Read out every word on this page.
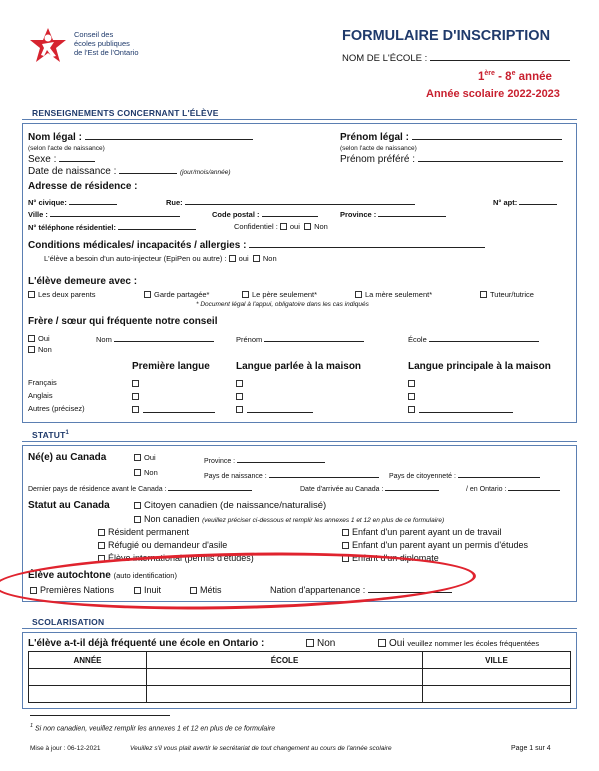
Conseil des
écoles publiques
de l'Est de l'Ontario
FORMULAIRE D'INSCRIPTION
NOM DE L'ÉCOLE :
1ère - 8e année
Année scolaire 2022-2023
RENSEIGNEMENTS CONCERNANT L'ÉLÈVE
Nom légal :
(selon l'acte de naissance)
Prénom légal :
(selon l'acte de naissance)
Sexe :	Prénom préféré :
Date de naissance :	(jour/mois/année)
Adresse de résidence :
N° civique:	Rue:	N° apt:
Ville :	Code postal :	Province :
N° téléphone résidentiel:	Confidentiel : oui Non
Conditions médicales/ incapacités / allergies :
L'élève a besoin d'un auto-injecteur (EpiPen ou autre) : oui Non
L'élève demeure avec :
Les deux parents	Garde partagée*	Le père seulement*	La mère seulement*	Tuteur/tutrice
* Document légal à l'appui, obligatoire dans les cas indiqués
Frère / sœur qui fréquente notre conseil
Oui
Non
Nom	Prénom	École
Première langue	Langue parlée à la maison	Langue principale à la maison
Français
Anglais
Autres (précisez)
STATUT$^1$
Né(e) au Canada	Oui	Province :
Non	Pays de naissance :	Pays de citoyenneté :
Dernier pays de résidence avant le Canada :	Date d'arrivée au Canada :	/ en Ontario :
Statut au Canada	Citoyen canadien (de naissance/naturalisé)
Non canadien (veuillez préciser ci-dessous et remplir les annexes 1 et 12 en plus de ce formulaire)
Résident permanent
Réfugié ou demandeur d'asile
Élève international (permis d'études)
Enfant d'un parent ayant un de travail
Enfant d'un parent ayant un permis d'études
Enfant d'un diplomate
Élève autochtone (auto identification)
Premières Nations	Inuit	Métis	Nation d'appartenance :
SCOLARISATION
L'élève a-t-il déjà fréquenté une école en Ontario :	Non	Oui veuillez nommer les écoles fréquentées
ANNÉE	ÉCOLE	VILLE

$^1$ Si non canadien, veuillez remplir les annexes 1 et 12 en plus de ce formulaire
Mise à jour : 06-12-2021	Veuillez s'il vous plait avertir le secrétariat de tout changement au cours de l'année scolaire	Page 1 sur 4
